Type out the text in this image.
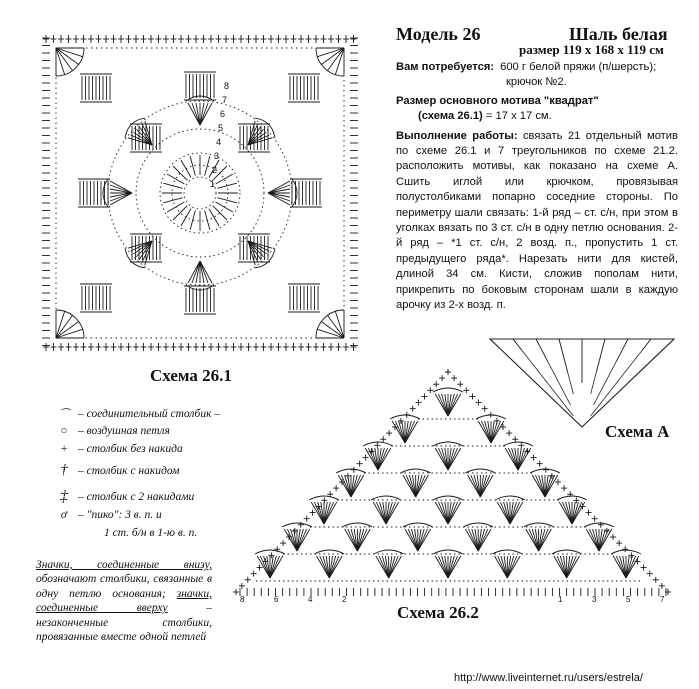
1
2
3
4
5
6
7
8
Схема 26.1
Модель 26	Шаль белая
размер 119 х 168 х 119 см
Вам потребуется: 600 г белой пряжи (п/шерсть);
крючок №2.
Размер основного мотива "квадрат"
(схема 26.1) = 17 х 17 см.
Выполнение работы: связать 21 отдельный мотив по схеме 26.1 и 7 треугольников по схеме 21.2. расположить мотивы, как показано на схеме А. Сшить иглой или крючком, провязывая полустолбиками попарно соседние стороны. По периметру шали связать: 1-й ряд – ст. с/н, при этом в уголках вязать по 3 ст. с/н в одну петлю основания. 2-й ряд – *1 ст. с/н, 2 возд. п., пропустить 1 ст. предыдущего ряда*. Нарезать нити для кистей, длиной 34 см. Кисти, сложив пополам нити, прикрепить по боковым сторонам шали в каждую арочку из 2-х возд. п.
Схема А
8	6	4	2	1	3	5	7
Схема 26.2
⌒ – соединительный столбик –
○ – воздушная петля
+ – столбик без накида
† – столбик с накидом
‡ – столбик с 2 накидами
ơ – "пико": 3 в. п. и
1 ст. б/н в 1-ю в. п.
Значки, соединенные внизу, обозначают столбики, связанные в одну петлю основания; значки, соединенные вверху	– незаконченные столбики, провязанные вместе одной петлей
http://www.liveinternet.ru/users/estrela/
